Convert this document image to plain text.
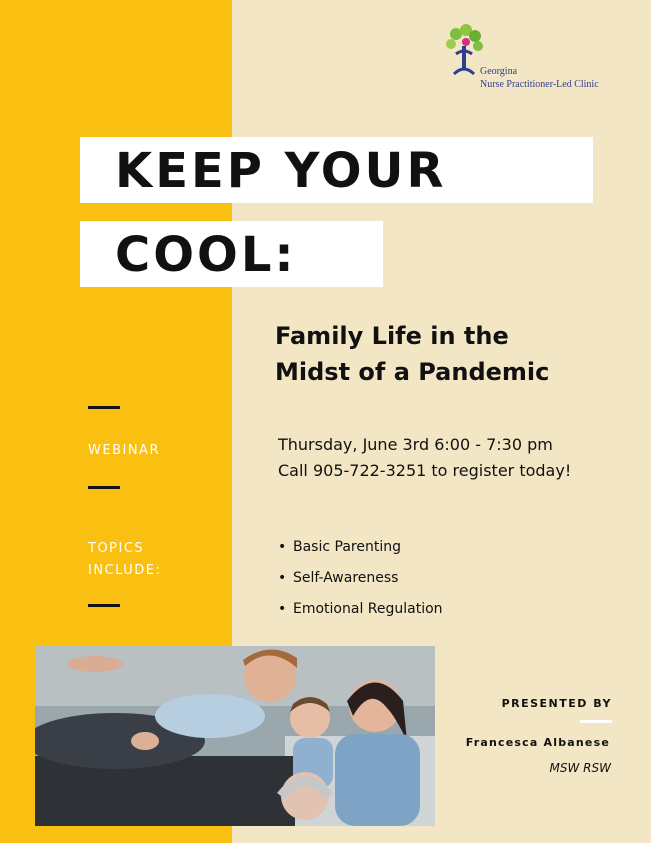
Georgina
Nurse Practitioner-Led Clinic
KEEP YOUR
COOL:
Family Life in the
Midst of a Pandemic
WEBINAR	Thursday, June 3rd 6:00 - 7:30 pm
Call 905-722-3251 to register today!
TOPICS
INCLUDE:
• Basic Parenting
• Self-Awareness
• Emotional Regulation
PRESENTED BY
Francesca Albanese
MSW RSW
